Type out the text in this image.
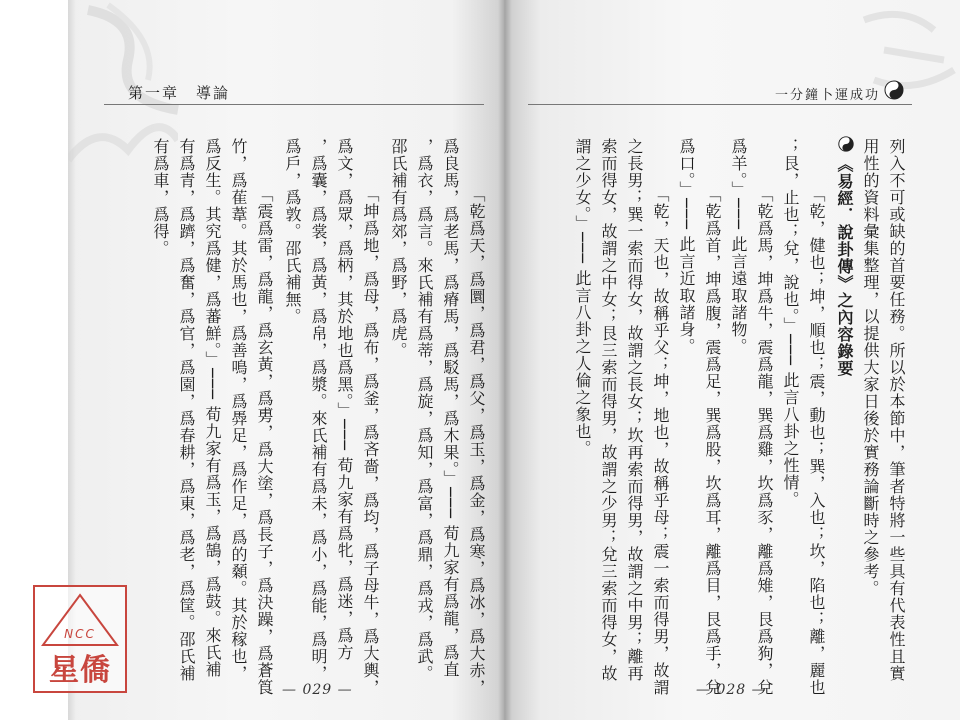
第一章　導論
「乾爲天，爲圜，爲君，爲父，爲玉，爲金，爲寒，爲冰，爲大赤，
爲良馬，爲老馬，爲瘠馬，爲駁馬，爲木果。」─── 荀九家有爲龍，爲直
，爲衣，爲言。來氏補有爲蒂，爲旋，爲知，爲富，爲鼎，爲戎，爲武。
邵氏補有爲郊，爲野，爲虎。
「坤爲地，爲母，爲布，爲釜，爲吝嗇，爲均，爲子母牛，爲大輿，
爲文，爲眾，爲柄，其於地也爲黑。」─── 荀九家有爲牝，爲迷，爲方
，爲囊，爲裳，爲黃，爲帛，爲漿。來氏補有爲未，爲小，爲能，爲明，
爲戶，爲敦。邵氏補無。
「震爲雷，爲龍，爲玄黃，爲旉，爲大塗，爲長子，爲決躁，爲蒼筤
竹，爲萑葦。其於馬也，爲善鳴，爲馵足，爲作足，爲的顙。其於稼也，
爲反生。其究爲健，爲蕃鮮。」─── 荀九家有爲玉，爲鵠，爲鼓。來氏補
有爲青，爲躋，爲奮，爲官，爲園，爲春耕，爲東，爲老，爲筐。邵氏補
有爲車，爲得。
— 029 —
一分鐘卜運成功
列入不可或缺的首要任務。所以於本節中，筆者特將一些具有代表性且實
用性的資料彙集整理，以提供大家日後於實務論斷時之參考。
《易經．說卦傳》之內容錄要
「乾，健也；坤，順也；震，動也；巽，入也；坎，陷也；離，麗也
；艮，止也；兌，說也。」─── 此言八卦之性情。
「乾爲馬，坤爲牛，震爲龍，巽爲雞，坎爲豕，離爲雉，艮爲狗，兌
爲羊。」─── 此言遠取諸物。
「乾爲首，坤爲腹，震爲足，巽爲股，坎爲耳，離爲目，艮爲手，兌
爲口。」─── 此言近取諸身。
「乾，天也，故稱乎父；坤，地也，故稱乎母；震一索而得男，故謂
之長男；巽一索而得女，故謂之長女；坎再索而得男，故謂之中男；離再
索而得女，故謂之中女；艮三索而得男，故謂之少男；兌三索而得女，故
謂之少女。」─── 此言八卦之人倫之象也。
— 028 —
NCC
星僑
